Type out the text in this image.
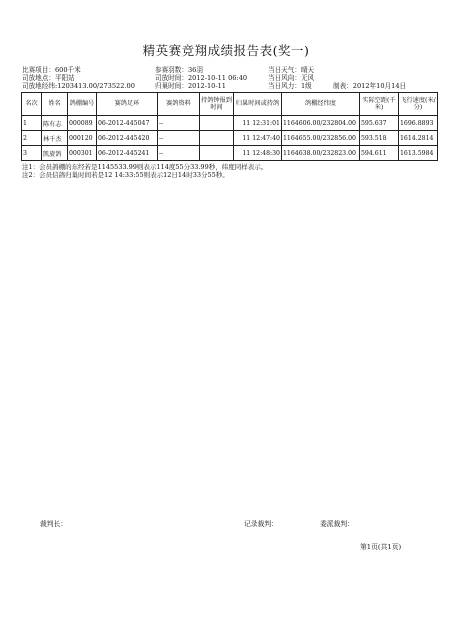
精英赛竞翔成绩报告表(奖一)
比赛项目：600千米	参赛羽数：36羽	当日天气：晴天
司放地点：平阳站	司放时间：2012-10-11 06:40	当日风向：无风
司放地经纬:1203413.00/273522.00	归巢时间：2012-10-11	当日风力：1级	制表：2012年10月14日
名次	姓名	鸽棚编号	赛鸽足环	赛鸽资料	持鸽钟报到时间	归巢时间或持鸽	鸽棚经纬度	实际空距(千米)	飞行速度(米/分)
1	陈有志	000089	06-2012-445047	--		11 12:31:01	1164606.00/232804.00	595.637	1696.8893
2	林千杰	000120	06-2012-445420	--		11 12:47:40	1164655.00/232856.00	593.518	1614.2814
3	凯旋鸽	000301	06-2012-445241	--		11 12:48:30	1164638.00/232823.00	594.611	1613.5984
注1：会员鸽棚的东经若是1145533.99则表示114度55分33.99秒，纬度同样表示。
注2：会员信鸽归巢时间若是12 14:33:55则表示12日14时33分55秒。
裁判长：	记录裁判：	委派裁判：
第1页(共1页)
